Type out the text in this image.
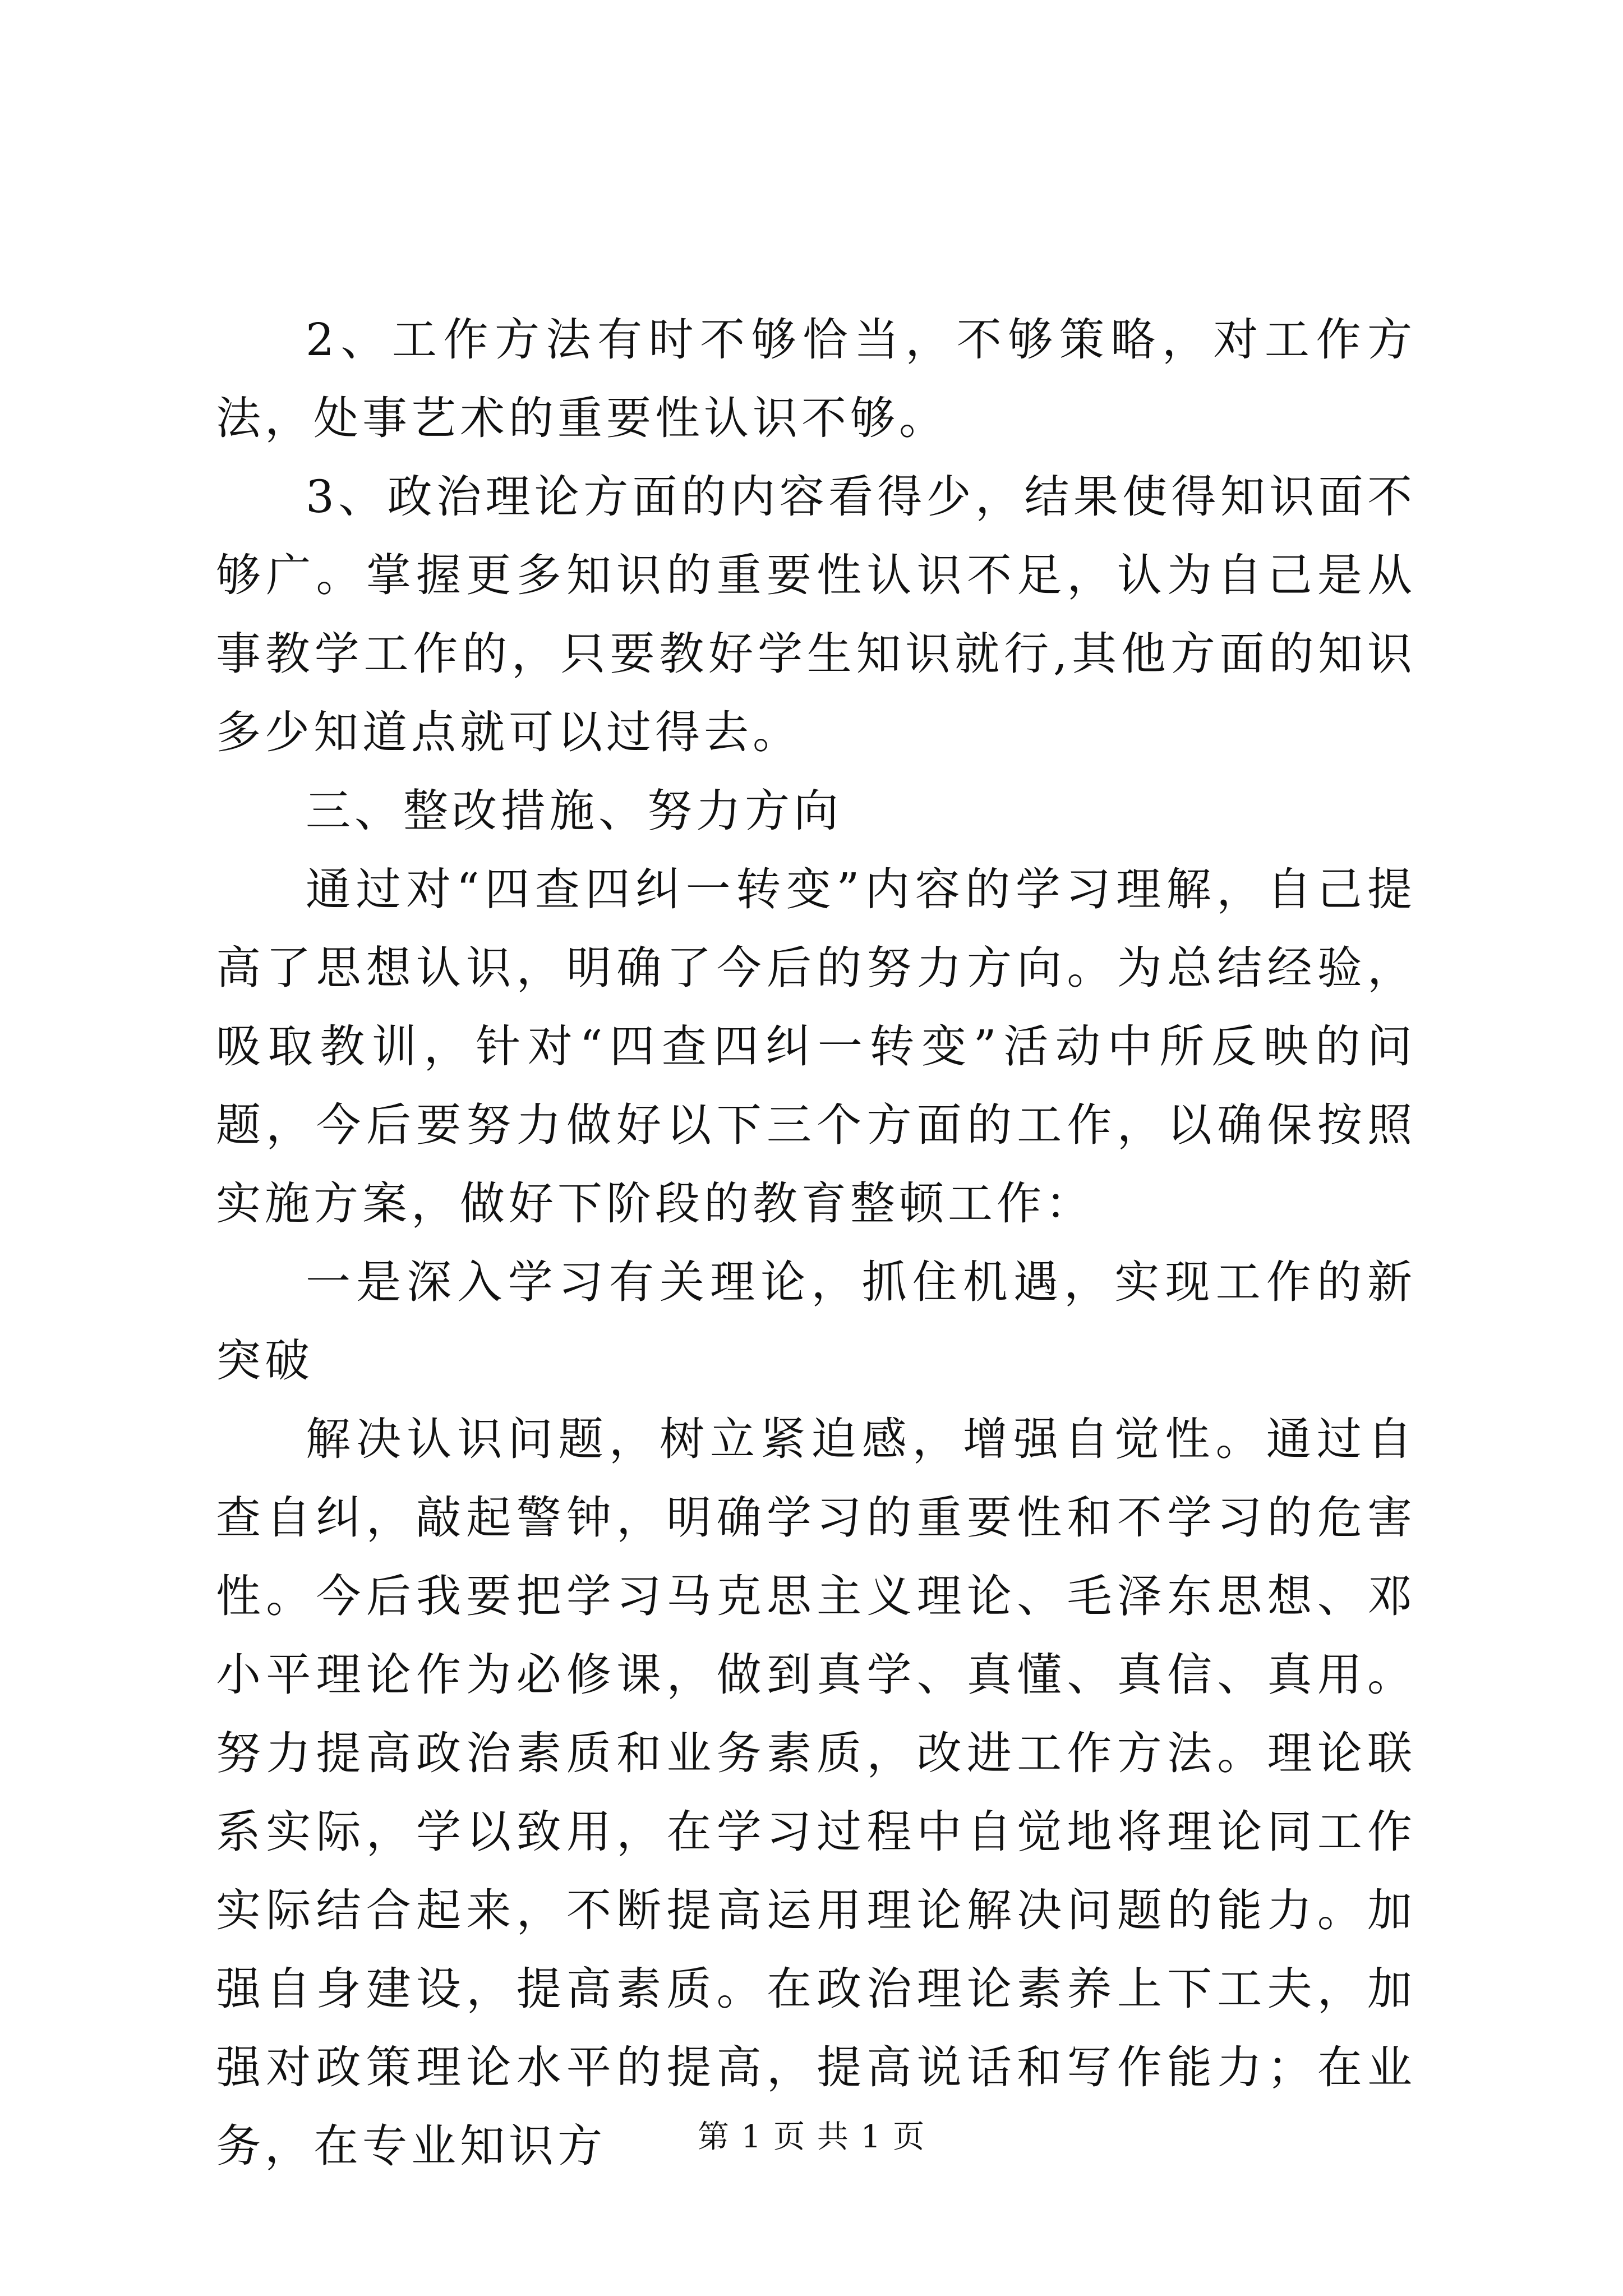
2、工作方法有时不够恰当，不够策略，对工作方法，处事艺术的重要性认识不够。

3、政治理论方面的内容看得少，结果使得知识面不够广。掌握更多知识的重要性认识不足，认为自己是从事教学工作的，只要教好学生知识就行,其他方面的知识多少知道点就可以过得去。

三、整改措施、努力方向

通过对“四查四纠一转变”内容的学习理解，自己提高了思想认识，明确了今后的努力方向。为总结经验，吸取教训，针对“四查四纠一转变”活动中所反映的问题，今后要努力做好以下三个方面的工作，以确保按照实施方案，做好下阶段的教育整顿工作：

一是深入学习有关理论，抓住机遇，实现工作的新突破

解决认识问题，树立紧迫感，增强自觉性。通过自查自纠，敲起警钟，明确学习的重要性和不学习的危害性。今后我要把学习马克思主义理论、毛泽东思想、邓小平理论作为必修课，做到真学、真懂、真信、真用。努力提高政治素质和业务素质，改进工作方法。理论联系实际，学以致用，在学习过程中自觉地将理论同工作实际结合起来，不断提高运用理论解决问题的能力。加强自身建设，提高素质。在政治理论素养上下工夫，加强对政策理论水平的提高，提高说话和写作能力；在业务，在专业知识方	第 1 页 共 1 页
